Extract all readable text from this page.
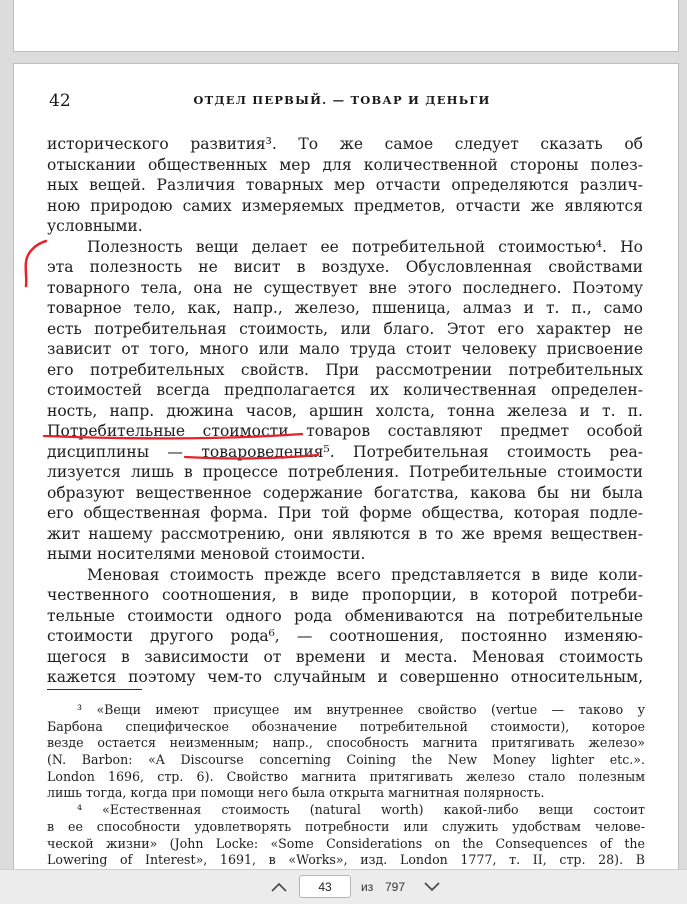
42	ОТДЕЛ ПЕРВЫЙ. — ТОВАР И ДЕНЬГИ
исторического развития³. То же самое следует сказать об
отыскании общественных мер для количественной стороны полез-
ных вещей. Различия товарных мер отчасти определяются различ-
ною природою самих измеряемых предметов, отчасти же являются
условными.
Полезность вещи делает ее потребительной стоимостью⁴. Но
эта полезность не висит в воздухе. Обусловленная свойствами
товарного тела, она не существует вне этого последнего. Поэтому
товарное тело, как, напр., железо, пшеница, алмаз и т. п., само
есть потребительная стоимость, или благо. Этот его характер не
зависит от того, много или мало труда стоит человеку присвоение
его потребительных свойств. При рассмотрении потребительных
стоимостей всегда предполагается их количественная определен-
ность, напр. дюжина часов, аршин холста, тонна железа и т. п.
Потребительные стоимости товаров составляют предмет особой
дисциплины — товароведения⁵. Потребительная стоимость реа-
лизуется лишь в процессе потребления. Потребительные стоимости
образуют вещественное содержание богатства, какова бы ни была
его общественная форма. При той форме общества, которая подле-
жит нашему рассмотрению, они являются в то же время веществен-
ными носителями меновой стоимости.
Меновая стоимость прежде всего представляется в виде коли-
чественного соотношения, в виде пропорции, в которой потреби-
тельные стоимости одного рода обмениваются на потребительные
стоимости другого рода⁶, — соотношения, постоянно изменяю-
щегося в зависимости от времени и места. Меновая стоимость
кажется поэтому чем-то случайным и совершенно относительным,
³ «Вещи имеют присущее им внутреннее свойство (vertue — таково у
Барбона специфическое обозначение потребительной стоимости), которое
везде остается неизменным; напр., способность магнита притягивать железо»
(N. Barbon: «A Discourse concerning Coining the New Money lighter etc.».
London 1696, стр. 6). Свойство магнита притягивать железо стало полезным
лишь тогда, когда при помощи него была открыта магнитная полярность.
⁴ «Естественная стоимость (natural worth) какой-либо вещи состоит
в ее способности удовлетворять потребности или служить удобствам челове-
ческой жизни» (John Locke: «Some Considerations on the Consequences of the
Lowering of Interest», 1691, в «Works», изд. London 1777, т. II, стр. 28). В
43
из 797
